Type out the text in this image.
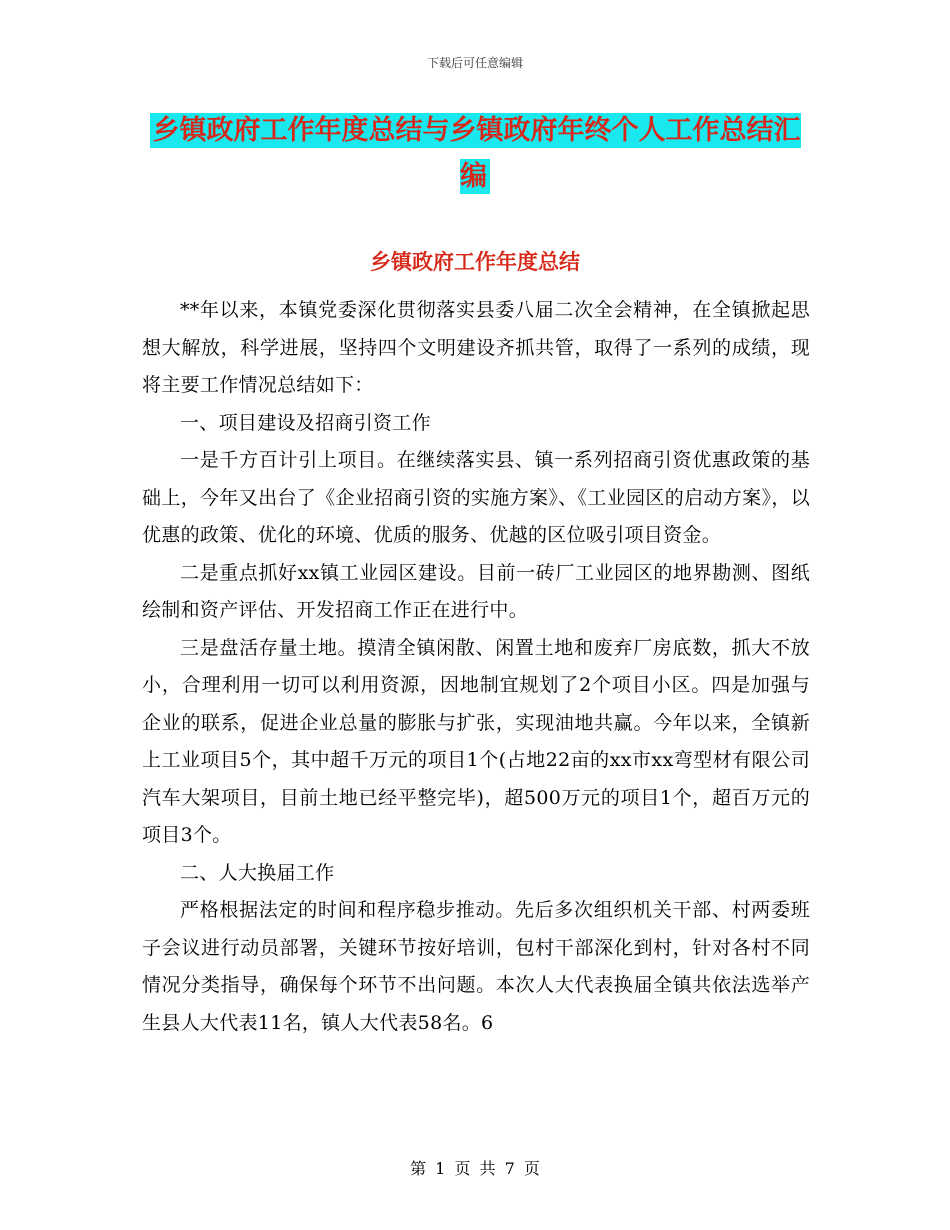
下载后可任意编辑
乡镇政府工作年度总结与乡镇政府年终个人工作总结汇编
乡镇政府工作年度总结

**年以来，本镇党委深化贯彻落实县委八届二次全会精神，在全镇掀起思想大解放，科学进展，坚持四个文明建设齐抓共管，取得了一系列的成绩，现将主要工作情况总结如下：

一、项目建设及招商引资工作

一是千方百计引上项目。在继续落实县、镇一系列招商引资优惠政策的基础上，今年又出台了《企业招商引资的实施方案》、《工业园区的启动方案》，以优惠的政策、优化的环境、优质的服务、优越的区位吸引项目资金。

二是重点抓好xx镇工业园区建设。目前一砖厂工业园区的地界勘测、图纸绘制和资产评估、开发招商工作正在进行中。

三是盘活存量土地。摸清全镇闲散、闲置土地和废弃厂房底数，抓大不放小，合理利用一切可以利用资源，因地制宜规划了2个项目小区。四是加强与企业的联系，促进企业总量的膨胀与扩张，实现油地共赢。今年以来，全镇新上工业项目5个，其中超千万元的项目1个(占地22亩的xx市xx弯型材有限公司汽车大架项目，目前土地已经平整完毕)，超500万元的项目1个，超百万元的项目3个。

二、人大换届工作

严格根据法定的时间和程序稳步推动。先后多次组织机关干部、村两委班子会议进行动员部署，关键环节按好培训，包村干部深化到村，针对各村不同情况分类指导，确保每个环节不出问题。本次人大代表换届全镇共依法选举产生县人大代表11名，镇人大代表58名。6

第 1 页 共 7 页
